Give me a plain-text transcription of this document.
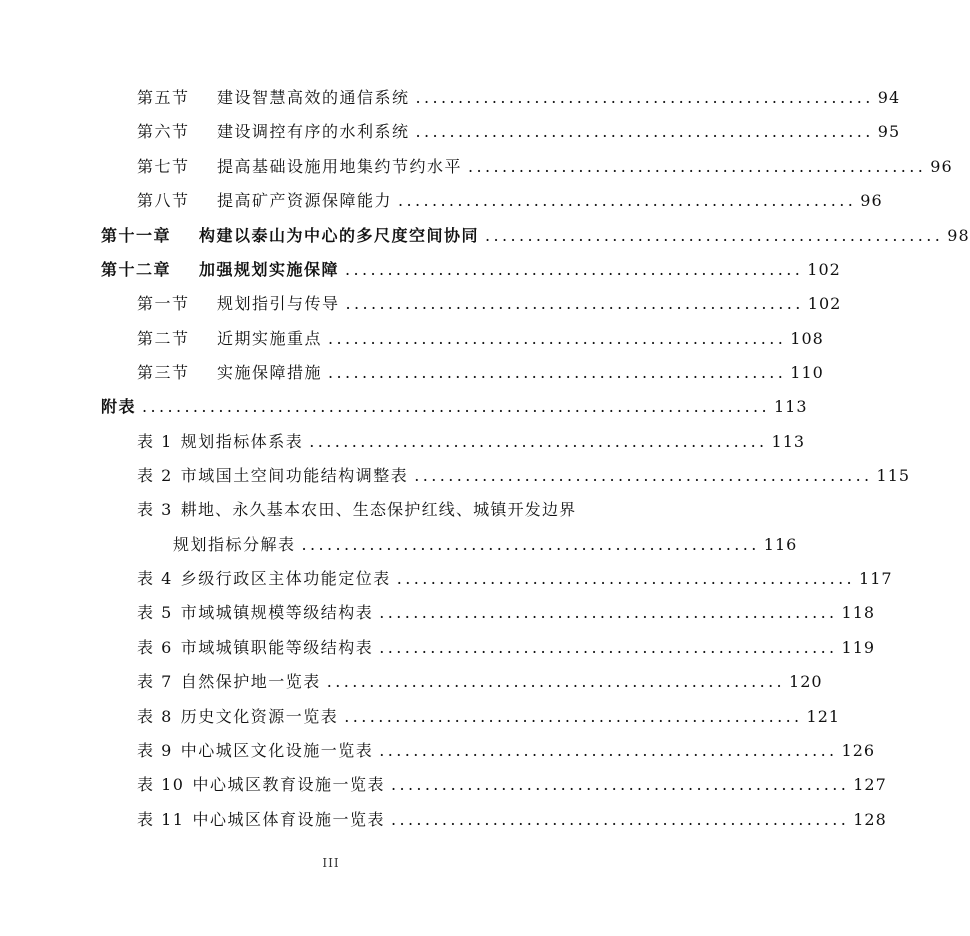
第五节	建设智慧高效的通信系统 ...................................................... 94
第六节	建设调控有序的水利系统 ...................................................... 95
第七节	提高基础设施用地集约节约水平 ...................................................... 96
第八节	提高矿产资源保障能力 ...................................................... 96
第十一章	构建以泰山为中心的多尺度空间协同 ...................................................... 98
第十二章	加强规划实施保障 ...................................................... 102
第一节	规划指引与传导 ...................................................... 102
第二节	近期实施重点 ...................................................... 108
第三节	实施保障措施 ...................................................... 110
附表 .......................................................................... 113
表 1 规划指标体系表 ...................................................... 113
表 2 市域国土空间功能结构调整表 ...................................................... 115
表 3 耕地、永久基本农田、生态保护红线、城镇开发边界
规划指标分解表 ...................................................... 116
表 4 乡级行政区主体功能定位表 ...................................................... 117
表 5 市域城镇规模等级结构表 ...................................................... 118
表 6 市域城镇职能等级结构表 ...................................................... 119
表 7 自然保护地一览表 ...................................................... 120
表 8 历史文化资源一览表 ...................................................... 121
表 9 中心城区文化设施一览表 ...................................................... 126
表 10 中心城区教育设施一览表 ...................................................... 127
表 11 中心城区体育设施一览表 ...................................................... 128
III
